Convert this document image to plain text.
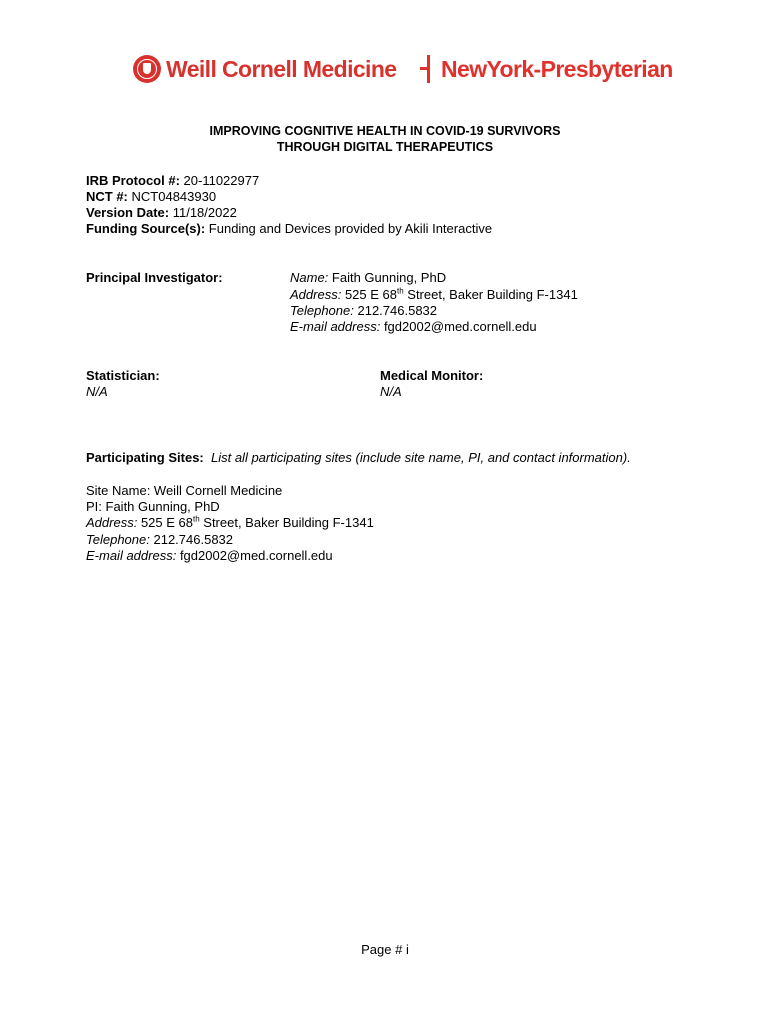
Weill Cornell Medicine NewYork-Presbyterian
IMPROVING COGNITIVE HEALTH IN COVID-19 SURVIVORS
THROUGH DIGITAL THERAPEUTICS
IRB Protocol #: 20-11022977
NCT #: NCT04843930
Version Date: 11/18/2022
Funding Source(s): Funding and Devices provided by Akili Interactive
Principal Investigator:	Name: Faith Gunning, PhD
Address: 525 E 68th Street, Baker Building F-1341
Telephone: 212.746.5832
E-mail address: fgd2002@med.cornell.edu
Statistician:
N/A
Medical Monitor:
N/A
Participating Sites: List all participating sites (include site name, PI, and contact information).
Site Name: Weill Cornell Medicine
PI: Faith Gunning, PhD
Address: 525 E 68th Street, Baker Building F-1341
Telephone: 212.746.5832
E-mail address: fgd2002@med.cornell.edu
Page # i
